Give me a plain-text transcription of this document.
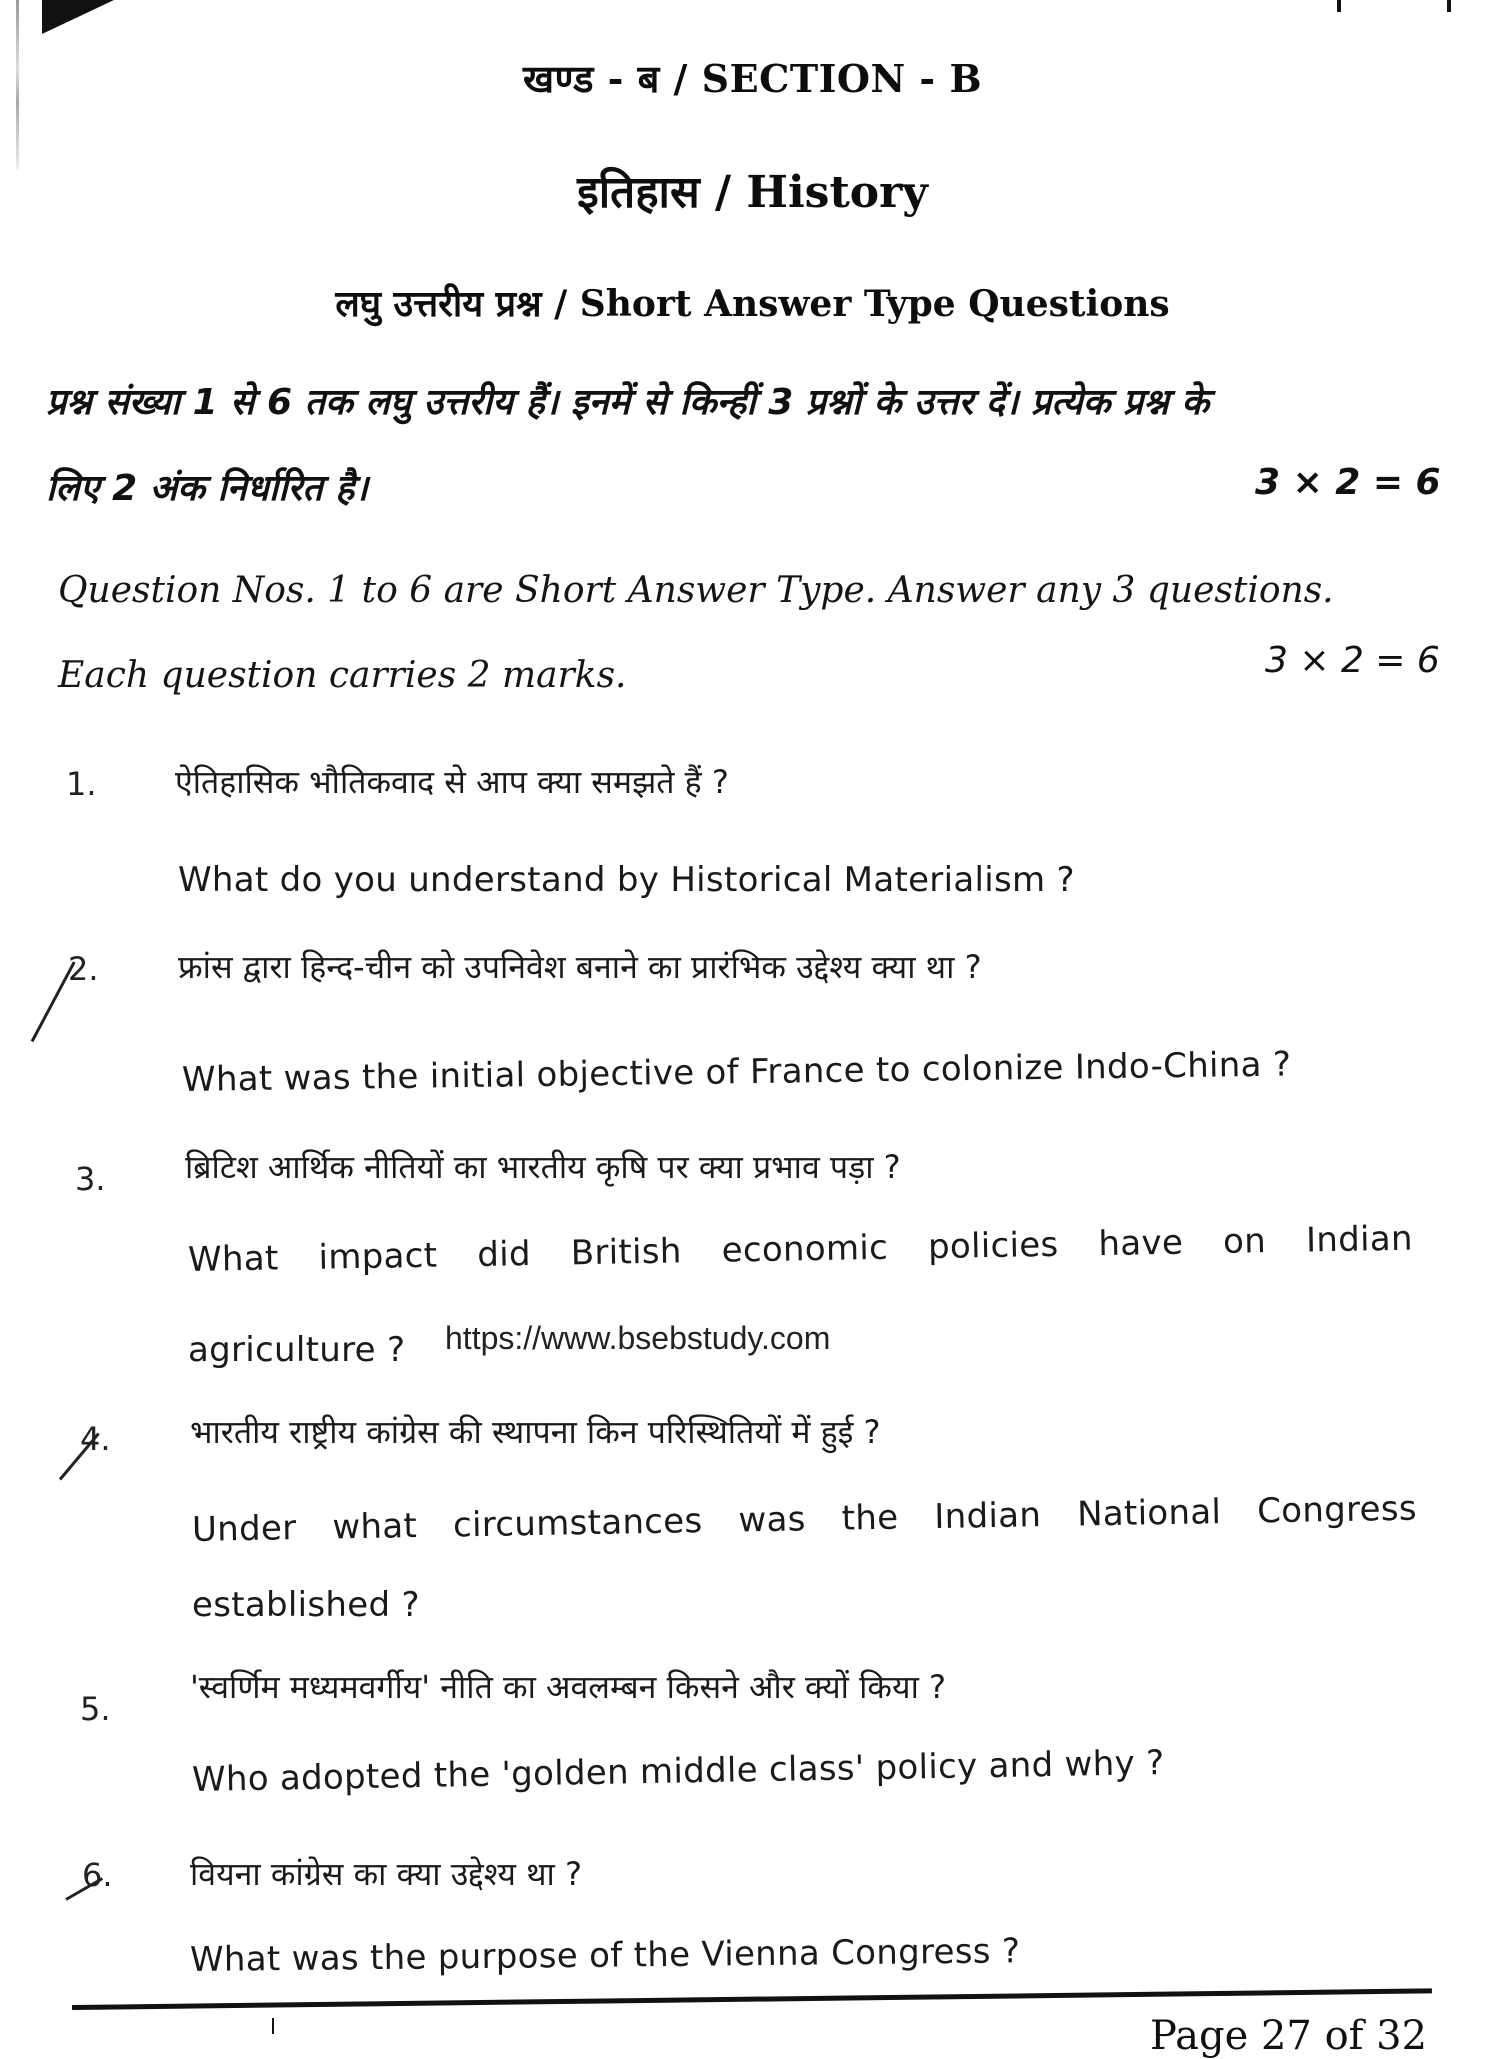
खण्ड - ब / SECTION - B
इतिहास / History
लघु उत्तरीय प्रश्न / Short Answer Type Questions
प्रश्न संख्या 1 से 6 तक लघु उत्तरीय हैं। इनमें से किन्हीं 3 प्रश्नों के उत्तर दें। प्रत्येक प्रश्न के
लिए 2 अंक निर्धारित है।	3 × 2 = 6
Question Nos. 1 to 6 are Short Answer Type. Answer any 3 questions.
Each question carries 2 marks.	3 × 2 = 6
1. ऐतिहासिक भौतिकवाद से आप क्या समझते हैं ?
What do you understand by Historical Materialism ?
2. फ्रांस द्वारा हिन्द-चीन को उपनिवेश बनाने का प्रारंभिक उद्देश्य क्या था ?
What was the initial objective of France to colonize Indo-China ?
3. ब्रिटिश आर्थिक नीतियों का भारतीय कृषि पर क्या प्रभाव पड़ा ?
What impact did British economic policies have on Indian
agriculture ? https://www.bsebstudy.com
4. भारतीय राष्ट्रीय कांग्रेस की स्थापना किन परिस्थितियों में हुई ?
Under what circumstances was the Indian National Congress
established ?
5.
'स्वर्णिम मध्यमवर्गीय' नीति का अवलम्बन किसने और क्यों किया ?
Who adopted the 'golden middle class' policy and why ?
6. वियना कांग्रेस का क्या उद्देश्य था ?
What was the purpose of the Vienna Congress ?
Page 27 of 32
